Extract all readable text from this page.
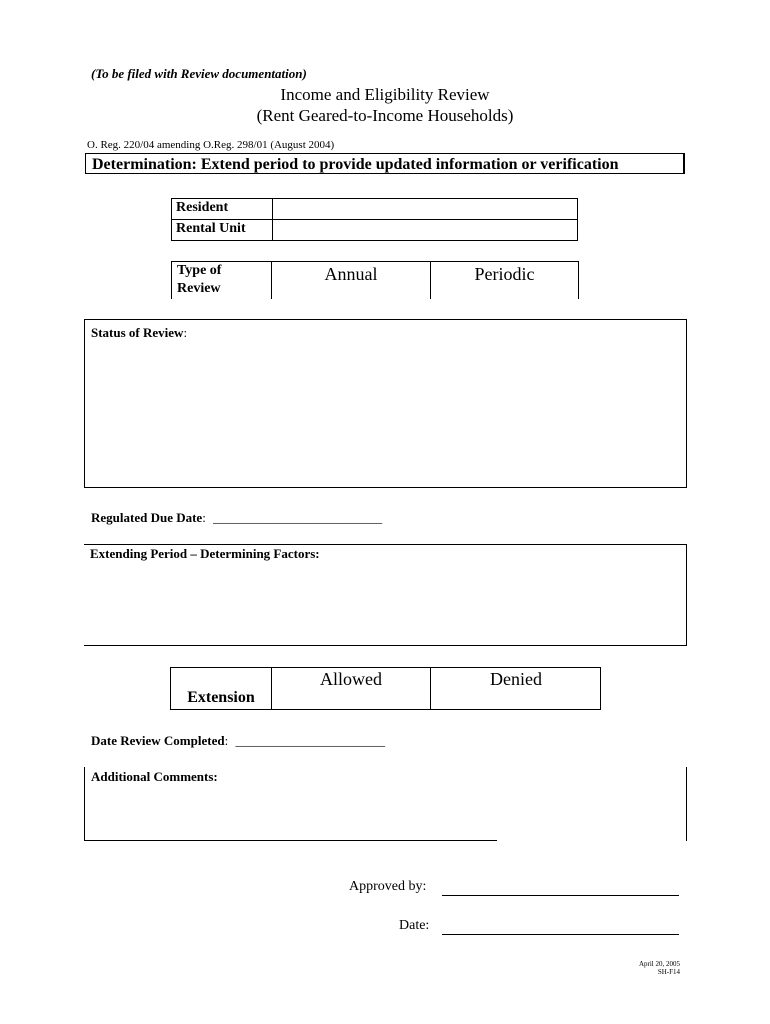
(To be filed with Review documentation)
Income and Eligibility Review
(Rent Geared-to-Income Households)
O. Reg. 220/04 amending O.Reg. 298/01 (August 2004)
Determination: Extend period to provide updated information or verification
Resident
Rental Unit
Type of
Review
Annual	Periodic
Status of Review:
Regulated Due Date: __________________________
Extending Period – Determining Factors:
Extension
Allowed	Denied
Date Review Completed: _______________________
Additional Comments:
Approved by:
Date:
April 20, 2005
SH-F14
